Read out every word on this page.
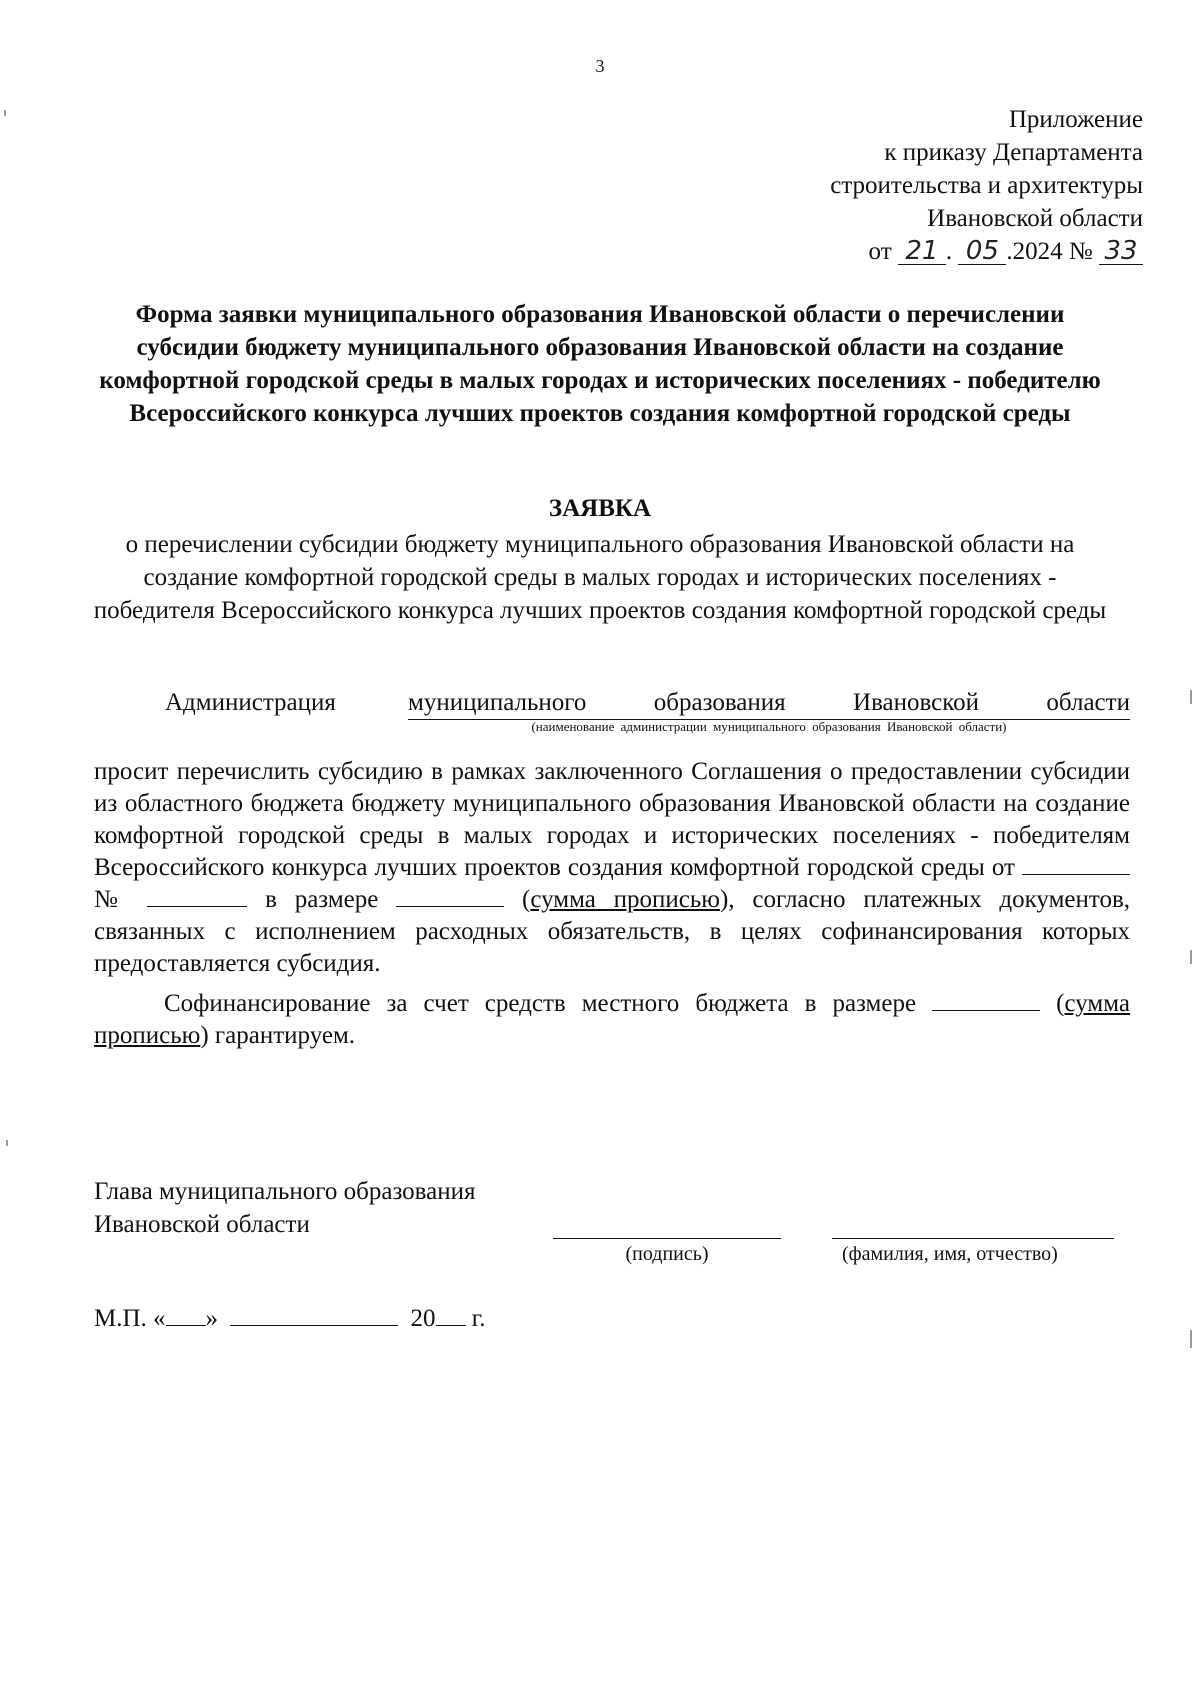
3
Приложение
к приказу Департамента
строительства и архитектуры
Ивановской области
от 21 . 05 .2024 № 33
Форма заявки муниципального образования Ивановской области о перечислении субсидии бюджету муниципального образования Ивановской области на создание комфортной городской среды в малых городах и исторических поселениях - победителю Всероссийского конкурса лучших проектов создания комфортной городской среды
ЗАЯВКА
о перечислении субсидии бюджету муниципального образования Ивановской области на создание комфортной городской среды в малых городах и исторических поселениях - победителя Всероссийского конкурса лучших проектов создания комфортной городской среды
Администрация	муниципального	образования	Ивановской	области
(наименование администрации муниципального образования Ивановской области)

просит перечислить субсидию в рамках заключенного Соглашения о предоставлении субсидии из областного бюджета бюджету муниципального образования Ивановской области на создание комфортной городской среды в малых городах и исторических поселениях - победителям Всероссийского конкурса лучших проектов создания комфортной городской среды от  №	в размере	(сумма прописью), согласно платежных документов, связанных с исполнением расходных обязательств, в целях софинансирования которых предоставляется субсидия.

Софинансирование за счет средств местного бюджета в размере	(сумма прописью) гарантируем.

Глава муниципального образования
Ивановской области
(подпись)	(фамилия, имя, отчество)
М.П. « »	20 г.
